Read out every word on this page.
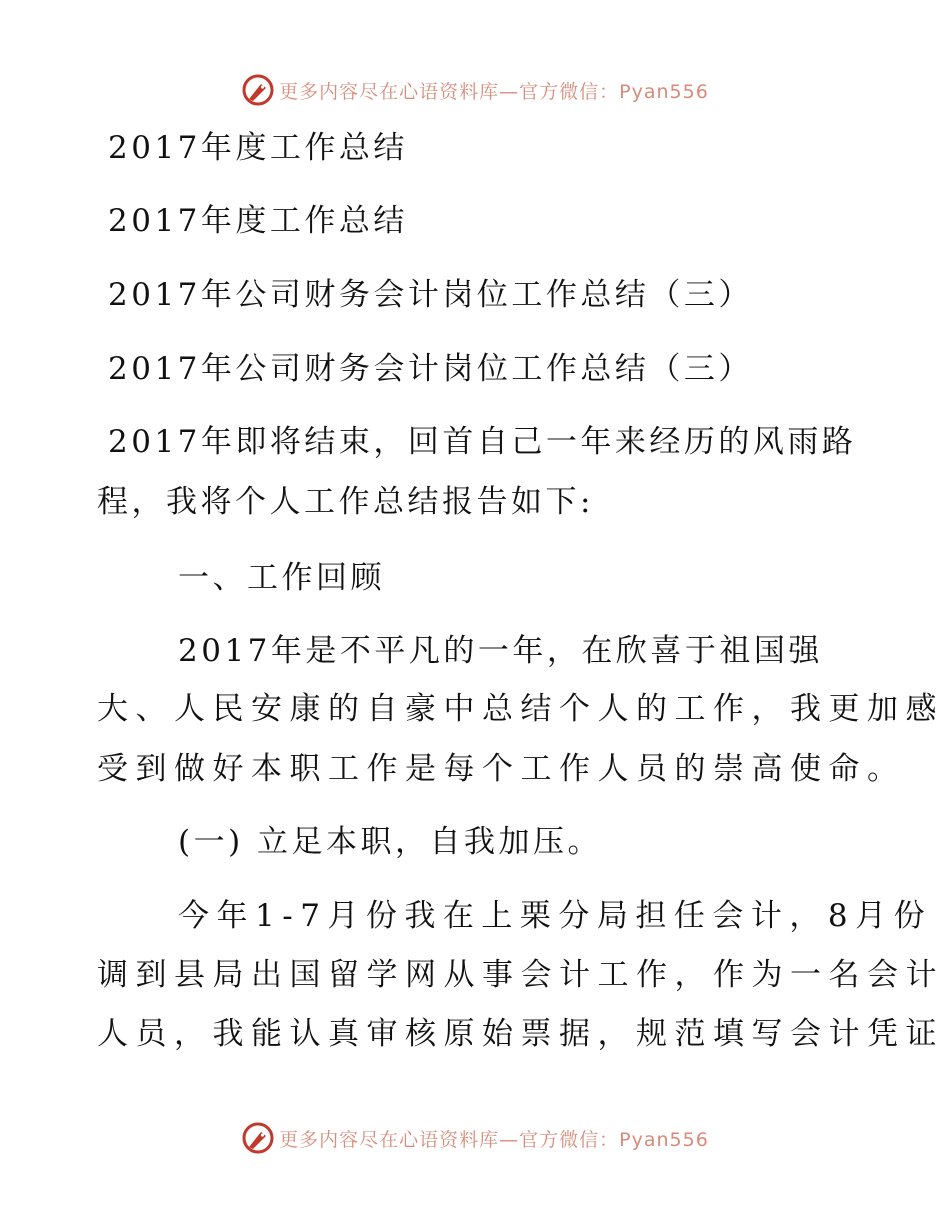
更多内容尽在心语资料库—官方微信：Pyan556

2017年度工作总结

2017年度工作总结

2017年公司财务会计岗位工作总结（三）

2017年公司财务会计岗位工作总结（三）

2017年即将结束，回首自己一年来经历的风雨路

程，我将个人工作总结报告如下:

一、工作回顾

2017年是不平凡的一年，在欣喜于祖国强

大、人民安康的自豪中总结个人的工作，我更加感

受到做好本职工作是每个工作人员的崇高使命。

(一) 立足本职，自我加压。

今年1-7月份我在上栗分局担任会计，8月份

调到县局出国留学网从事会计工作，作为一名会计

人员，我能认真审核原始票据，规范填写会计凭证

更多内容尽在心语资料库—官方微信：Pyan556
